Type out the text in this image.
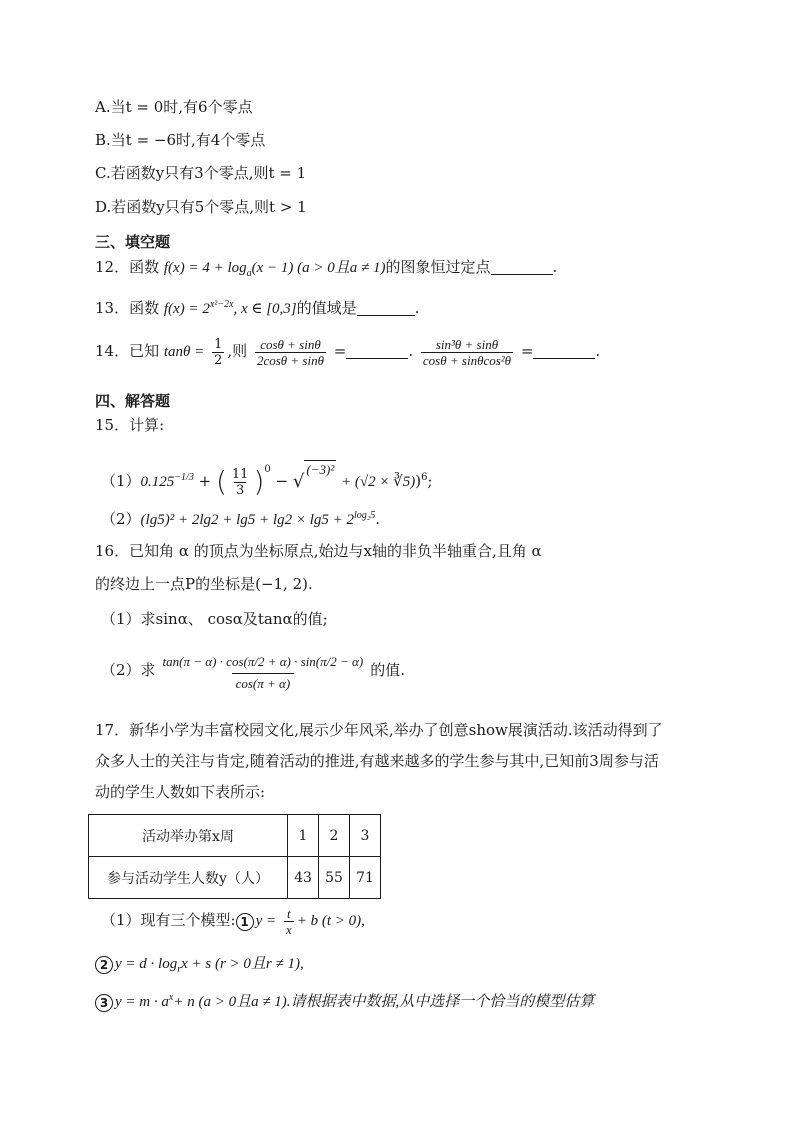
A.当t = 0时,有6个零点
B.当t = −6时,有4个零点
C.若函数y只有3个零点,则t = 1
D.若函数y只有5个零点,则t > 1
三、填空题
12．函数 $f(x) = 4 + \log_a(x - 1) (a > 0$且a ≠ 1)的图象恒过定点	.
13．函数 $f(x) = 2^{x^2-2x}$, x ∈ [0,3]的值域是	.
14．已知 $\tan\theta = \frac{1}{2}$ ,则 $\frac{\cos\theta + \sin\theta}{2\cos\theta + \sin\theta}$ =	. $\frac{\text{sin³θ + sinθ}}{\text{cosθ + sinθcos²θ}}$ =	.
四、解答题
15．计算:
$(1)0.125^{-1/3}$ + ( $\frac{11}{3} )^0$ − √
(−3)²
+ (√2 × ∛5))$^6$;
$(2)(\lg 5)^2 + 2\lg 2 + \lg 5 + \lg 2 \times \lg 5 + 2^{log_25}$.
16．已知角 α 的顶点为坐标原点,始边与x轴的非负半轴重合,且角 α
的终边上一点P的坐标是(−1, 2).
（1）求sinα、 cosα及tanα的值;
（2）求 $\frac{\tan(\pi - \alpha) \cdot \cos(\pi/2 + \alpha) \cdot \sin(\pi/2 - \alpha)}{\cos(\pi + \alpha)}$ 的值.
17．新华小学为丰富校园文化,展示少年风采,举办了创意show展演活动.该活动得到了
众多人士的关注与肯定,随着活动的推进,有越来越多的学生参与其中,已知前3周参与活
动的学生人数如下表所示:
活动举办第x周	1	2	3
参与活动学生人数y（人）	43	55	71
（1）现有三个模型: 1 $y = \frac{t}{x} + b$ (t > 0),
2 $y = d \cdot \log_rx + s$ (r > 0且r ≠ 1),
3 $y = m \cdot a^x+ n$ (a > 0且a ≠ 1).请根据表中数据,从中选择一个恰当的模型估算
